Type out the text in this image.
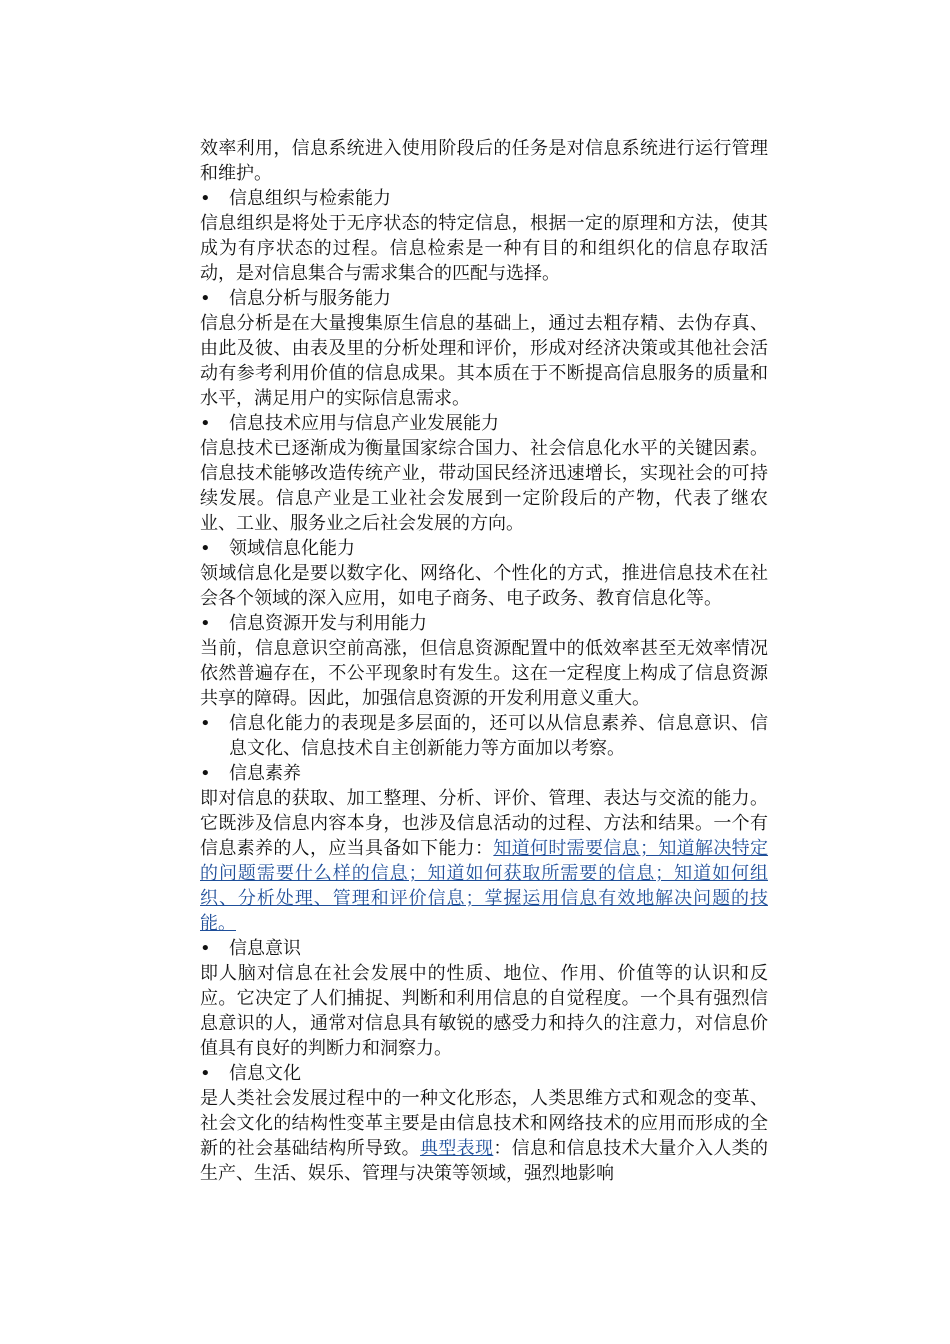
效率利用，信息系统进入使用阶段后的任务是对信息系统进行运行管理和维护。

•	信息组织与检索能力

信息组织是将处于无序状态的特定信息，根据一定的原理和方法，使其成为有序状态的过程。信息检索是一种有目的和组织化的信息存取活动，是对信息集合与需求集合的匹配与选择。

•	信息分析与服务能力

信息分析是在大量搜集原生信息的基础上，通过去粗存精、去伪存真、由此及彼、由表及里的分析处理和评价，形成对经济决策或其他社会活动有参考利用价值的信息成果。其本质在于不断提高信息服务的质量和水平，满足用户的实际信息需求。

•	信息技术应用与信息产业发展能力

信息技术已逐渐成为衡量国家综合国力、社会信息化水平的关键因素。信息技术能够改造传统产业，带动国民经济迅速增长，实现社会的可持续发展。信息产业是工业社会发展到一定阶段后的产物，代表了继农业、工业、服务业之后社会发展的方向。

•	领域信息化能力

领域信息化是要以数字化、网络化、个性化的方式，推进信息技术在社会各个领域的深入应用，如电子商务、电子政务、教育信息化等。

•	信息资源开发与利用能力

当前，信息意识空前高涨，但信息资源配置中的低效率甚至无效率情况依然普遍存在，不公平现象时有发生。这在一定程度上构成了信息资源共享的障碍。因此，加强信息资源的开发利用意义重大。

•	信息化能力的表现是多层面的，还可以从信息素养、信息意识、信息文化、信息技术自主创新能力等方面加以考察。

•	信息素养

即对信息的获取、加工整理、分析、评价、管理、表达与交流的能力。它既涉及信息内容本身，也涉及信息活动的过程、方法和结果。一个有信息素养的人，应当具备如下能力：知道何时需要信息；知道解决特定的问题需要什么样的信息；知道如何获取所需要的信息；知道如何组织、分析处理、管理和评价信息；掌握运用信息有效地解决问题的技能。

•	信息意识

即人脑对信息在社会发展中的性质、地位、作用、价值等的认识和反应。它决定了人们捕捉、判断和利用信息的自觉程度。一个具有强烈信息意识的人，通常对信息具有敏锐的感受力和持久的注意力，对信息价值具有良好的判断力和洞察力。

•	信息文化

是人类社会发展过程中的一种文化形态，人类思维方式和观念的变革、社会文化的结构性变革主要是由信息技术和网络技术的应用而形成的全新的社会基础结构所导致。典型表现：信息和信息技术大量介入人类的生产、生活、娱乐、管理与决策等领域，强烈地影响
